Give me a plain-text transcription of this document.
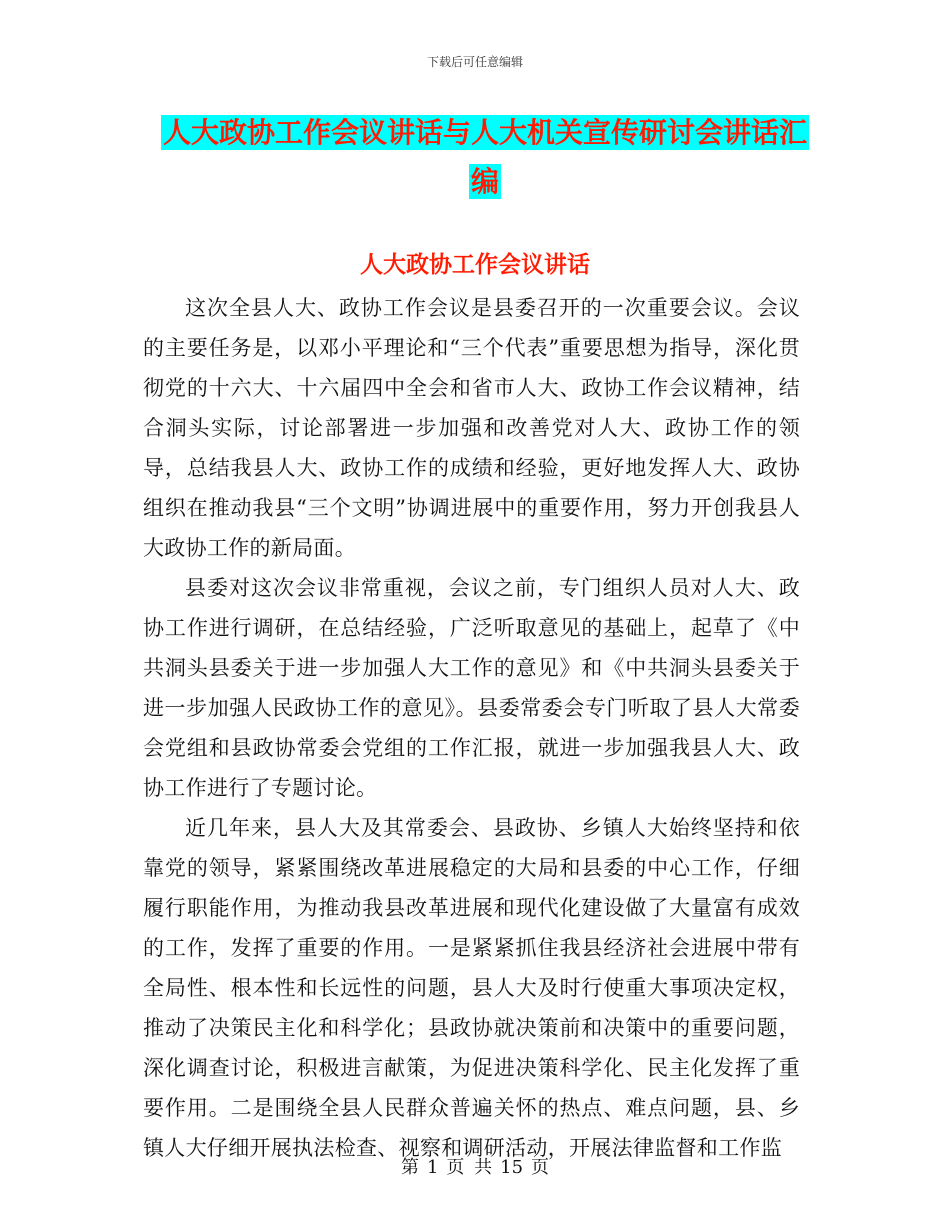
下载后可任意编辑
人大政协工作会议讲话与人大机关宣传研讨会讲话汇编
人大政协工作会议讲话

这次全县人大、政协工作会议是县委召开的一次重要会议。会议的主要任务是，以邓小平理论和“三个代表”重要思想为指导，深化贯彻党的十六大、十六届四中全会和省市人大、政协工作会议精神，结合洞头实际，讨论部署进一步加强和改善党对人大、政协工作的领导，总结我县人大、政协工作的成绩和经验，更好地发挥人大、政协组织在推动我县“三个文明”协调进展中的重要作用，努力开创我县人大政协工作的新局面。

县委对这次会议非常重视，会议之前，专门组织人员对人大、政协工作进行调研，在总结经验，广泛听取意见的基础上，起草了《中共洞头县委关于进一步加强人大工作的意见》和《中共洞头县委关于进一步加强人民政协工作的意见》。县委常委会专门听取了县人大常委会党组和县政协常委会党组的工作汇报，就进一步加强我县人大、政协工作进行了专题讨论。

近几年来，县人大及其常委会、县政协、乡镇人大始终坚持和依靠党的领导，紧紧围绕改革进展稳定的大局和县委的中心工作，仔细履行职能作用，为推动我县改革进展和现代化建设做了大量富有成效的工作，发挥了重要的作用。一是紧紧抓住我县经济社会进展中带有全局性、根本性和长远性的问题，县人大及时行使重大事项决定权，推动了决策民主化和科学化；县政协就决策前和决策中的重要问题，深化调查讨论，积极进言献策，为促进决策科学化、民主化发挥了重要作用。二是围绕全县人民群众普遍关怀的热点、难点问题，县、乡镇人大仔细开展执法检查、视察和调研活动，开展法律监督和工作监

第 1 页 共 15 页
